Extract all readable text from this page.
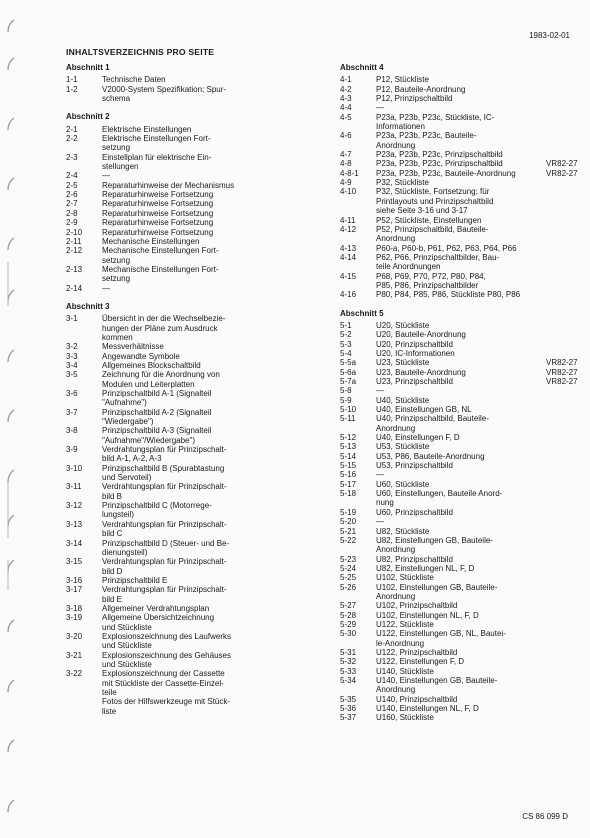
1983-02-01
INHALTSVERZEICHNIS PRO SEITE
Abschnitt 1
1-1	Technische Daten
1-2	V2000-System Spezifikation; Spur-
schema
Abschnitt 2
2-1	Elektrische Einstellungen
2-2	Elektrische Einstellungen Fort-
setzung
2-3	Einstellplan für elektrische Ein-
stellungen
2-4	—
2-5	Reparaturhinweise der Mechanismus
2-6	Reparaturhinweise Fortsetzung
2-7	Reparaturhinweise Fortsetzung
2-8	Reparaturhinweise Fortsetzung
2-9	Reparaturhinweise Fortsetzung
2-10	Reparaturhinweise Fortsetzung
2-11	Mechanische Einstellungen
2-12	Mechanische Einstellungen Fort-
setzung
2-13	Mechanische Einstellungen Fort-
setzung
2-14	—
Abschnitt 3
3-1	Übersicht in der die Wechselbezie-
hungen der Pläne zum Ausdruck
kommen
3-2	Messverhältnisse
3-3	Angewandte Symbole
3-4	Allgemeines Blockschaltbild
3-5	Zeichnung für die Anordnung von
Modulen und Leiterplatten
3-6	Prinzipschaltbild A-1 (Signalteil
"Aufnahme")
3-7	Prinzipschaltbild A-2 (Signalteil
"Wiedergabe")
3-8	Prinzipschaltbild A-3 (Signalteil
"Aufnahme"/Wiedergabe")
3-9	Verdrahtungsplan für Prinzipschalt-
bild A-1, A-2, A-3
3-10	Prinzipschaltbild B (Spurabtastung
und Servoteil)
3-11	Verdrahtungsplan für Prinzipschalt-
bild B
3-12	Prinzipschaltbild C (Motorrege-
lungsteil)
3-13	Verdrahtungsplan für Prinzipschalt-
bild C
3-14	Prinzipschaltbild D (Steuer- und Be-
dienungsteil)
3-15	Verdrahtungsplan für Prinzipschalt-
bild D
3-16	Prinzipschaltbild E
3-17	Verdrahtungsplan für Prinzipschalt-
bild E
3-18	Allgemeiner Verdrahtungsplan
3-19	Allgemeine Übersichtzeichnung
und Stückliste
3-20	Explosionszeichnung des Laufwerks
und Stückliste
3-21	Explosionszeichnung des Gehäuses
und Stückliste
3-22	Explosionszeichnung der Cassette
mit Stückliste der Cassette-Einzel-
teile
Fotos der Hilfswerkzeuge mit Stück-
liste
Abschnitt 4
4-1	P12, Stückliste
4-2	P12, Bauteile-Anordnung
4-3	P12, Prinzipschaltbild
4-4	—
4-5	P23a, P23b, P23c, Stückliste, IC-
Informationen
4-6	P23a, P23b, P23c, Bauteile-
Anordnung
4-7	P23a, P23b, P23c, Prinzipschaltbild
4-8	P23a, P23b, P23c, Prinzipschaltbild	VR82-27
4-8-1	P23a, P23b, P23c, Bauteile-Anordnung	VR82-27
4-9	P32, Stückliste
4-10	P32, Stückliste, Fortsetzung; für
Printlayouts und Prinzipschaltbild
siehe Seite 3-16 und 3-17
4-11	P52, Stückliste, Einstellungen
4-12	P52, Prinzipschaltbild, Bauteile-
Anordnung
4-13	P60-a, P60-b, P61, P62, P63, P64, P66
4-14	P62, P66, Prinzipschaltbilder, Bau-
teile Anordnungen
4-15	P68, P69, P70, P72, P80, P84,
P85, P86, Prinzipschaltbilder
4-16	P80, P84, P85, P86, Stückliste P80, P86
Abschnitt 5
5-1	U20, Stückliste
5-2	U20, Bauteile-Anordnung
5-3	U20, Prinzipschaltbild
5-4	U20, IC-Informationen
5-5a	U23, Stückliste	VR82-27
5-6a	U23, Bauteile-Anordnung	VR82-27
5-7a	U23, Prinzipschaltbild	VR82-27
5-8	—
5-9	U40, Stückliste
5-10	U40, Einstellungen GB, NL
5-11	U40, Prinzipschaltbild, Bauteile-
Anordnung
5-12	U40, Einstellungen F, D
5-13	U53, Stückliste
5-14	U53, P86, Bauteile-Anordnung
5-15	U53, Prinzipschaltbild
5-16	—
5-17	U60, Stückliste
5-18	U60, Einstellungen, Bauteile Anord-
nung
5-19	U60, Prinzipschaltbild
5-20	—
5-21	U82, Stückliste
5-22	U82, Einstellungen GB, Bauteile-
Anordnung
5-23	U82, Prinzipschaltbild
5-24	U82, Einstellungen NL, F, D
5-25	U102, Stückliste
5-26	U102, Einstellungen GB, Bauteile-
Anordnung
5-27	U102, Prinzipschaltbild
5-28	U102, Einstellungen NL, F, D
5-29	U122, Stückliste
5-30	U122, Einstellungen GB, NL, Bautei-
le-Anordnung
5-31	U122, Prinzipschaltbild
5-32	U122, Einstellungen F, D
5-33	U140, Stückliste
5-34	U140, Einstellungen GB, Bauteile-
Anordnung
5-35	U140, Prinzipschaltbild
5-36	U140, Einstellungen NL, F, D
5-37	U160, Stückliste
CS 86 099 D
